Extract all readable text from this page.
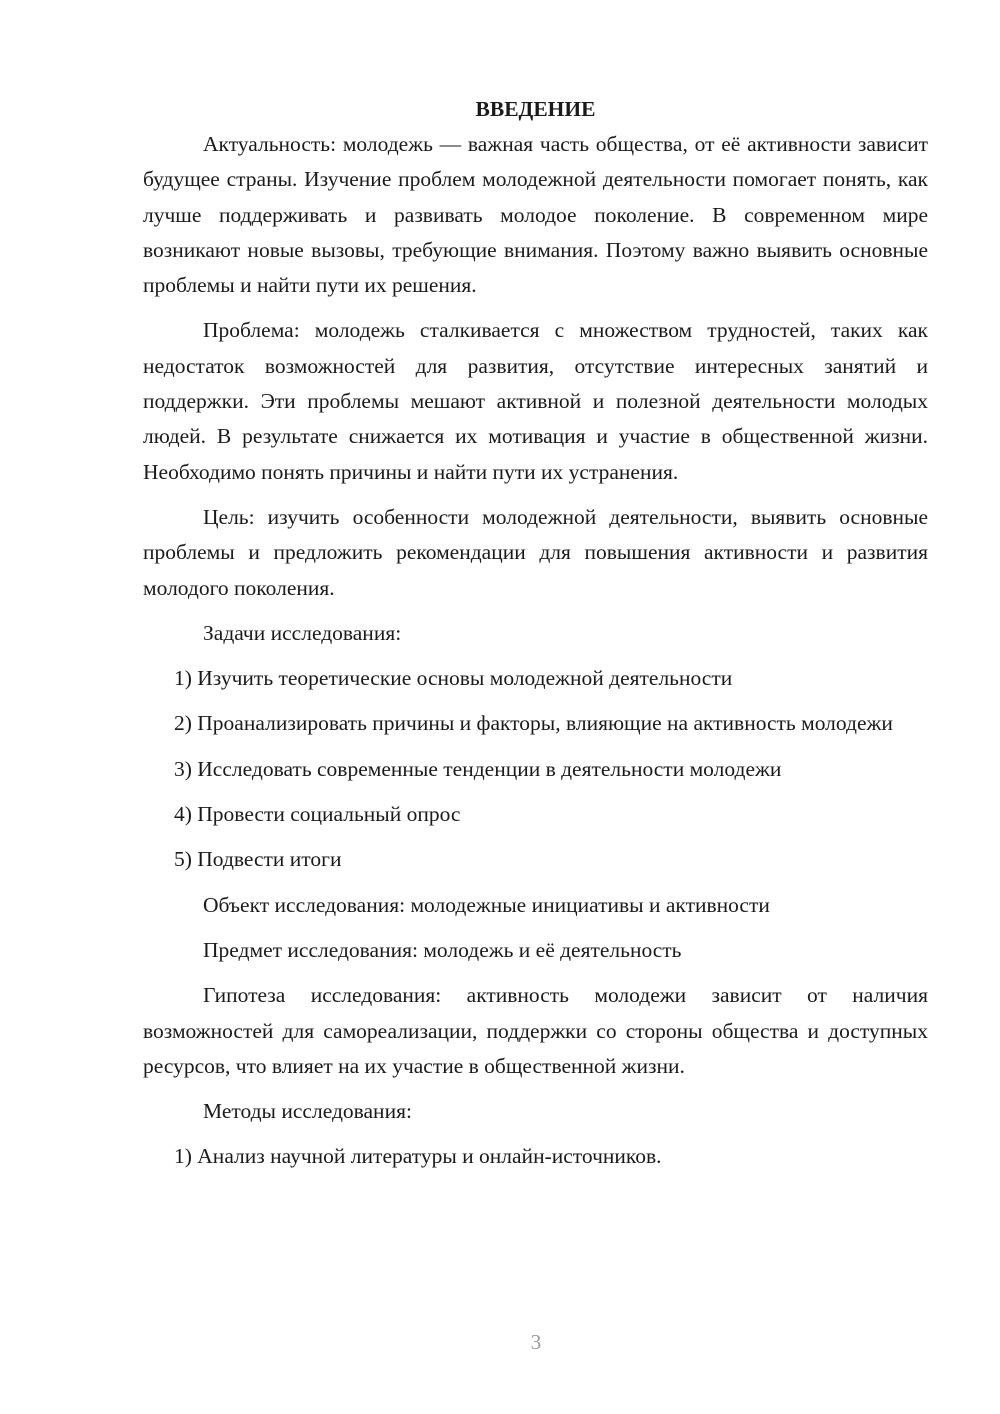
ВВЕДЕНИЕ

Актуальность: молодежь — важная часть общества, от её активности зависит будущее страны. Изучение проблем молодежной деятельности помогает понять, как лучше поддерживать и развивать молодое поколение. В современном мире возникают новые вызовы, требующие внимания. Поэтому важно выявить основные проблемы и найти пути их решения.

Проблема: молодежь сталкивается с множеством трудностей, таких как недостаток возможностей для развития, отсутствие интересных занятий и поддержки. Эти проблемы мешают активной и полезной деятельности молодых людей. В результате снижается их мотивация и участие в общественной жизни. Необходимо понять причины и найти пути их устранения.

Цель: изучить особенности молодежной деятельности, выявить основные проблемы и предложить рекомендации для повышения активности и развития молодого поколения.

Задачи исследования:

1) Изучить теоретические основы молодежной деятельности

2) Проанализировать причины и факторы, влияющие на активность молодежи

3) Исследовать современные тенденции в деятельности молодежи

4) Провести социальный опрос

5) Подвести итоги

Объект исследования: молодежные инициативы и активности

Предмет исследования: молодежь и её деятельность

Гипотеза исследования: активность молодежи зависит от наличия возможностей для самореализации, поддержки со стороны общества и доступных ресурсов, что влияет на их участие в общественной жизни.

Методы исследования:

1) Анализ научной литературы и онлайн-источников.

3
